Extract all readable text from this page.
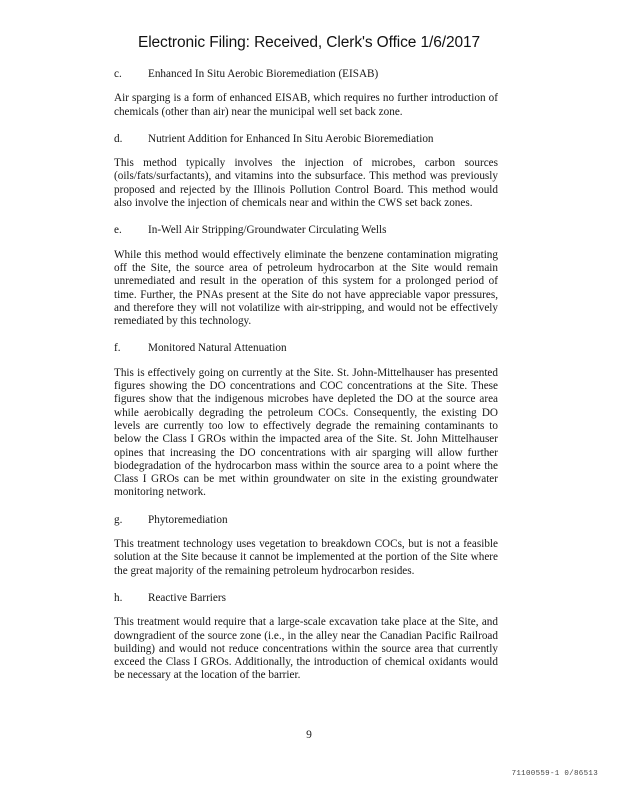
Electronic Filing: Received, Clerk's Office 1/6/2017
c.	Enhanced In Situ Aerobic Bioremediation (EISAB)

Air sparging is a form of enhanced EISAB, which requires no further introduction of chemicals (other than air) near the municipal well set back zone.

d.	Nutrient Addition for Enhanced In Situ Aerobic Bioremediation

This method typically involves the injection of microbes, carbon sources (oils/fats/surfactants), and vitamins into the subsurface. This method was previously proposed and rejected by the Illinois Pollution Control Board. This method would also involve the injection of chemicals near and within the CWS set back zones.

e.	In-Well Air Stripping/Groundwater Circulating Wells

While this method would effectively eliminate the benzene contamination migrating off the Site, the source area of petroleum hydrocarbon at the Site would remain unremediated and result in the operation of this system for a prolonged period of time. Further, the PNAs present at the Site do not have appreciable vapor pressures, and therefore they will not volatilize with air-stripping, and would not be effectively remediated by this technology.

f.	Monitored Natural Attenuation

This is effectively going on currently at the Site. St. John-Mittelhauser has presented figures showing the DO concentrations and COC concentrations at the Site. These figures show that the indigenous microbes have depleted the DO at the source area while aerobically degrading the petroleum COCs. Consequently, the existing DO levels are currently too low to effectively degrade the remaining contaminants to below the Class I GROs within the impacted area of the Site. St. John Mittelhauser opines that increasing the DO concentrations with air sparging will allow further biodegradation of the hydrocarbon mass within the source area to a point where the Class I GROs can be met within groundwater on site in the existing groundwater monitoring network.

g.	Phytoremediation

This treatment technology uses vegetation to breakdown COCs, but is not a feasible solution at the Site because it cannot be implemented at the portion of the Site where the great majority of the remaining petroleum hydrocarbon resides.

h.	Reactive Barriers

This treatment would require that a large-scale excavation take place at the Site, and downgradient of the source zone (i.e., in the alley near the Canadian Pacific Railroad building) and would not reduce concentrations within the source area that currently exceed the Class I GROs. Additionally, the introduction of chemical oxidants would be necessary at the location of the barrier.

9
71100559-1 0/86513
